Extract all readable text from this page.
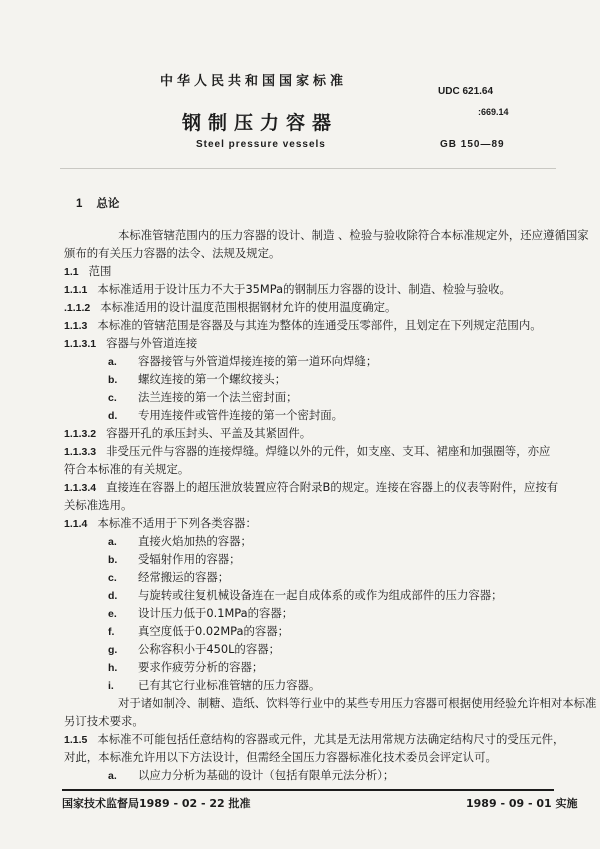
中华人民共和国国家标准
UDC 621.64
:669.14
钢制压力容器
Steel pressure vessels	GB 150—89
1 总论
本标准管辖范围内的压力容器的设计、制造 、检验与验收除符合本标准规定外，还应遵循国家
颁布的有关压力容器的法令、法规及规定。
1.1 范围
1.1.1 本标准适用于设计压力不大于35MPa的钢制压力容器的设计、制造、检验与验收。
.1.1.2 本标准适用的设计温度范围根据钢材允许的使用温度确定。
1.1.3 本标准的管辖范围是容器及与其连为整体的连通受压零部件，且划定在下列规定范围内。
1.1.3.1 容器与外管道连接
a. 容器接管与外管道焊接连接的第一道环向焊缝；
b. 螺纹连接的第一个螺纹接头；
c. 法兰连接的第一个法兰密封面；
d. 专用连接件或管件连接的第一个密封面。
1.1.3.2 容器开孔的承压封头、平盖及其紧固件。
1.1.3.3 非受压元件与容器的连接焊缝。焊缝以外的元件，如支座、支耳、裙座和加强圈等，亦应
符合本标准的有关规定。
1.1.3.4 直接连在容器上的超压泄放装置应符合附录B的规定。连接在容器上的仪表等附件，应按有
关标准选用。
1.1.4 本标准不适用于下列各类容器：
a. 直接火焰加热的容器；
b. 受辐射作用的容器；
c. 经常搬运的容器；
d. 与旋转或往复机械设备连在一起自成体系的或作为组成部件的压力容器；
e. 设计压力低于0.1MPa的容器；
f. 真空度低于0.02MPa的容器；
g. 公称容积小于450L的容器；
h. 要求作疲劳分析的容器；
i. 已有其它行业标准管辖的压力容器。
对于诸如制冷、制糖、造纸、饮料等行业中的某些专用压力容器可根据使用经验允许相对本标准
另订技术要求。
1.1.5 本标准不可能包括任意结构的容器或元件，尤其是无法用常规方法确定结构尺寸的受压元件，
对此，本标准允许用以下方法设计，但需经全国压力容器标准化技术委员会评定认可。
a. 以应力分析为基础的设计（包括有限单元法分析）；
国家技术监督局1989 - 02 - 22 批准	1989 - 09 - 01 实施
